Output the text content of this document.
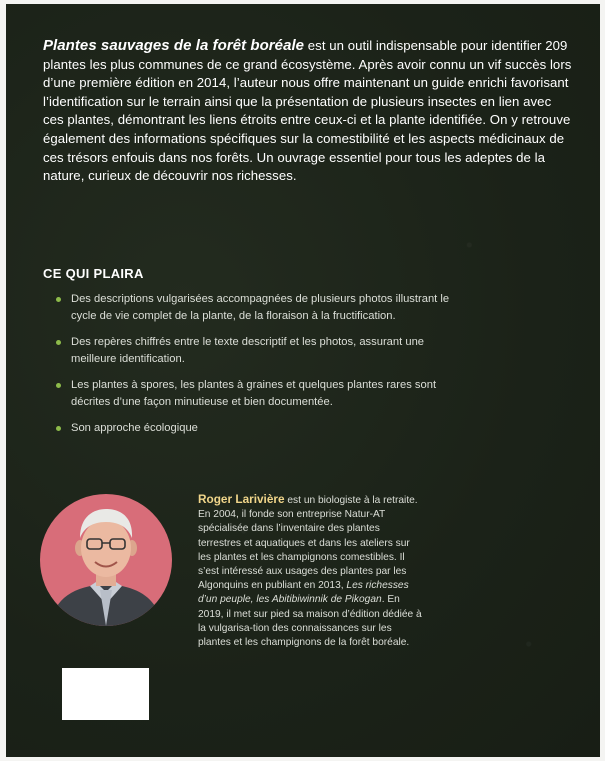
Plantes sauvages de la forêt boréale est un outil indispensable pour identifier 209 plantes les plus communes de ce grand écosystème. Après avoir connu un vif succès lors d’une première édition en 2014, l’auteur nous offre maintenant un guide enrichi favorisant l’identification sur le terrain ainsi que la présentation de plusieurs insectes en lien avec ces plantes, démontrant les liens étroits entre ceux-ci et la plante identifiée. On y retrouve également des informations spécifiques sur la comestibilité et les aspects médicinaux de ces trésors enfouis dans nos forêts. Un ouvrage essentiel pour tous les adeptes de la nature, curieux de découvrir nos richesses.

CE QUI PLAIRA
Des descriptions vulgarisées accompagnées de plusieurs photos illustrant le cycle de vie complet de la plante, de la floraison à la fructification.
Des repères chiffrés entre le texte descriptif et les photos, assurant une meilleure identification.
Les plantes à spores, les plantes à graines et quelques plantes rares sont décrites d’une façon minutieuse et bien documentée.
Son approche écologique

Roger Larivière est un biologiste à la retraite. En 2004, il fonde son entreprise Natur-AT spécialisée dans l’inventaire des plantes terrestres et aquatiques et dans les ateliers sur les plantes et les champignons comestibles. Il s’est intéressé aux usages des plantes par les Algonquins en publiant en 2013, Les richesses d’un peuple, les Abitibiwinnik de Pikogan. En 2019, il met sur pied sa maison d’édition dédiée à la vulgarisa-tion des connaissances sur les plantes et les champignons de la forêt boréale.
